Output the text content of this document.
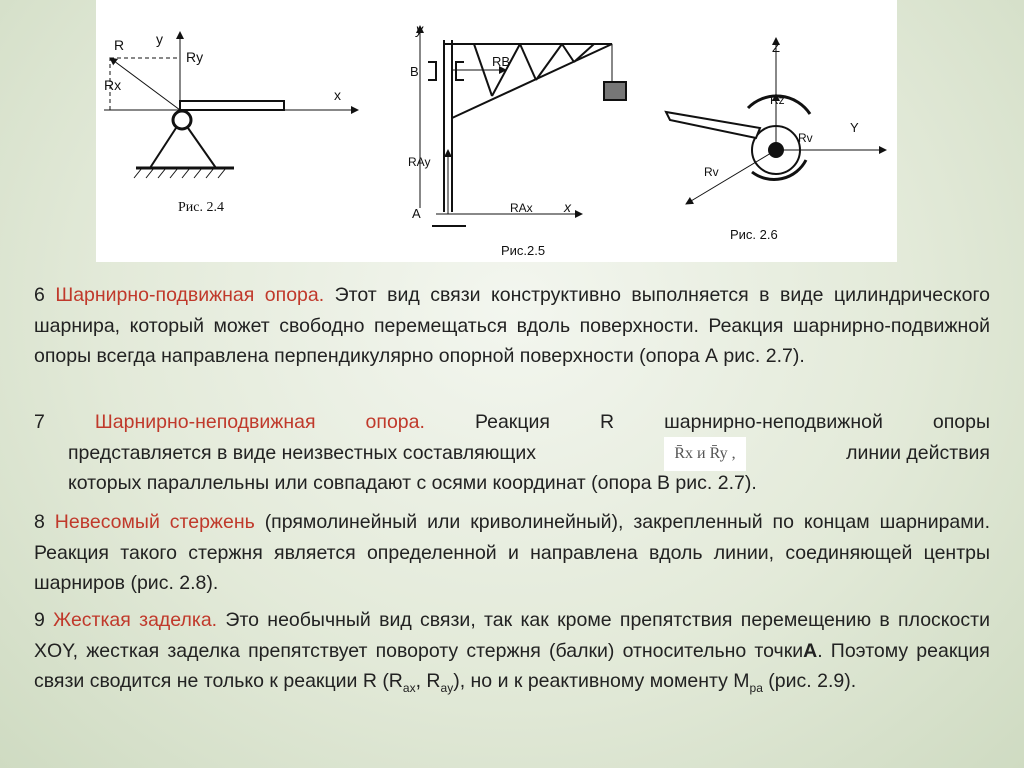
R
Ry
Rx
у
х
у
B
RB
RAy
A	RAx x
Z
Rz
Y
Rv
Rv
Рис. 2.4
Рис.2.5
Рис. 2.6
6 Шарнирно-подвижная опора. Этот вид связи конструктивно выполняется в виде цилиндрического шарнира, который может свободно перемещаться вдоль поверхности. Реакция шарнирно-подвижной опоры всегда направлена перпендикулярно опорной поверхности (опора А рис. 2.7).
7	Шарнирно-неподвижная опора.	Реакция R шарнирно-неподвижной опоры
представляется в виде неизвестных составляющих	линии действия
которых параллельны или совпадают с осями координат (опора В рис. 2.7).
R̄x и R̄y ,
8 Невесомый стержень (прямолинейный или криволинейный), закрепленный по концам шарнирами. Реакция такого стержня является определенной и направлена вдоль линии, соединяющей центры шарниров (рис. 2.8).
9 Жесткая заделка. Это необычный вид связи, так как кроме препятствия перемещению в плоскости XOY, жесткая заделка препятствует повороту стержня (балки) относительно точкиА. Поэтому реакция связи сводится не только к реакции R ($R_{ax}$, $R_{ay}$), но и к реактивному моменту $M_{pa}$ (рис. 2.9).
